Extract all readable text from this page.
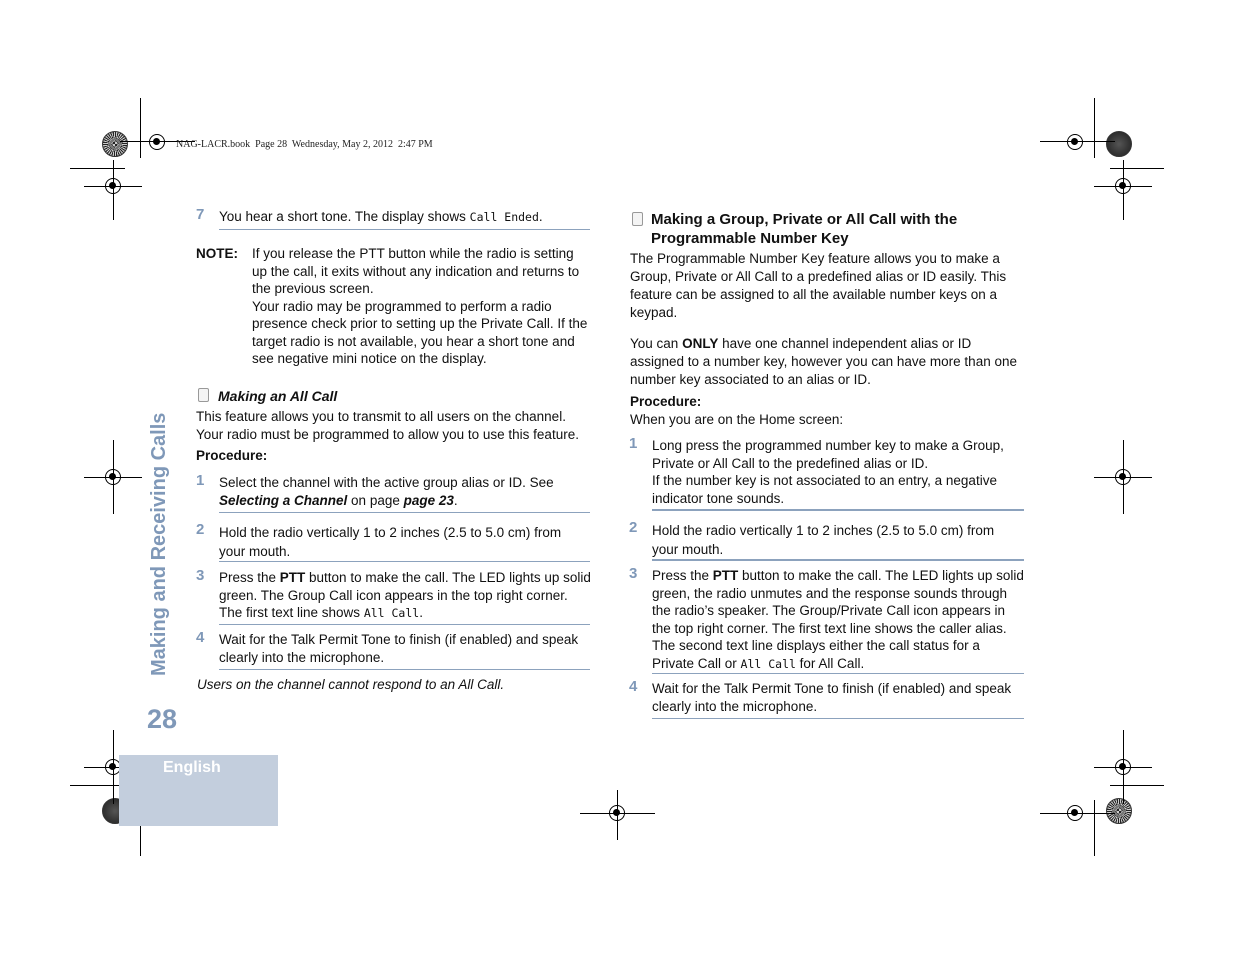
NAG-LACR.book  Page 28  Wednesday, May 2, 2012  2:47 PM
Making and Receiving Calls
28
English
7 You hear a short tone. The display shows Call Ended.
NOTE: If you release the PTT button while the radio is setting up the call, it exits without any indication and returns to the previous screen.
Your radio may be programmed to perform a radio presence check prior to setting up the Private Call. If the target radio is not available, you hear a short tone and see negative mini notice on the display.
Making an All Call
This feature allows you to transmit to all users on the channel. Your radio must be programmed to allow you to use this feature.
Procedure:
1 Select the channel with the active group alias or ID. See Selecting a Channel on page page 23.
2 Hold the radio vertically 1 to 2 inches (2.5 to 5.0 cm) from your mouth.
3 Press the PTT button to make the call. The LED lights up solid green. The Group Call icon appears in the top right corner. The first text line shows All Call.
4 Wait for the Talk Permit Tone to finish (if enabled) and speak clearly into the microphone.
Users on the channel cannot respond to an All Call.
Making a Group, Private or All Call with the
Programmable Number Key
The Programmable Number Key feature allows you to make a Group, Private or All Call to a predefined alias or ID easily. This feature can be assigned to all the available number keys on a keypad.
You can ONLY have one channel independent alias or ID assigned to a number key, however you can have more than one number key associated to an alias or ID.
Procedure:
When you are on the Home screen:
1 Long press the programmed number key to make a Group, Private or All Call to the predefined alias or ID.
If the number key is not associated to an entry, a negative indicator tone sounds.
2 Hold the radio vertically 1 to 2 inches (2.5 to 5.0 cm) from your mouth.
3 Press the PTT button to make the call. The LED lights up solid green, the radio unmutes and the response sounds through the radio’s speaker. The Group/Private Call icon appears in the top right corner. The first text line shows the caller alias. The second text line displays either the call status for a Private Call or All Call for All Call.
4 Wait for the Talk Permit Tone to finish (if enabled) and speak clearly into the microphone.
